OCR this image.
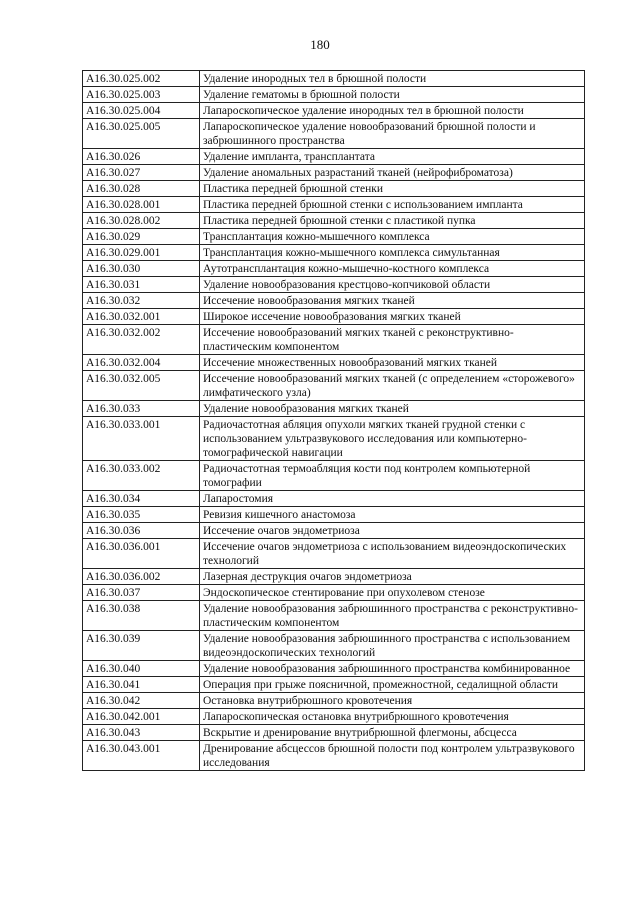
180
A16.30.025.002	Удаление инородных тел в брюшной полости
A16.30.025.003	Удаление гематомы в брюшной полости
A16.30.025.004	Лапароскопическое удаление инородных тел в брюшной полости
A16.30.025.005	Лапароскопическое удаление новообразований брюшной полости и забрюшинного пространства
A16.30.026	Удаление импланта, трансплантата
A16.30.027	Удаление аномальных разрастаний тканей (нейрофиброматоза)
A16.30.028	Пластика передней брюшной стенки
A16.30.028.001	Пластика передней брюшной стенки с использованием импланта
A16.30.028.002	Пластика передней брюшной стенки с пластикой пупка
A16.30.029	Трансплантация кожно-мышечного комплекса
A16.30.029.001	Трансплантация кожно-мышечного комплекса симультанная
A16.30.030	Аутотрансплантация кожно-мышечно-костного комплекса
A16.30.031	Удаление новообразования крестцово-копчиковой области
A16.30.032	Иссечение новообразования мягких тканей
A16.30.032.001	Широкое иссечение новообразования мягких тканей
A16.30.032.002	Иссечение новообразований мягких тканей с реконструктивно-пластическим компонентом
A16.30.032.004	Иссечение множественных новообразований мягких тканей
A16.30.032.005	Иссечение новообразований мягких тканей (с определением «сторожевого» лимфатического узла)
A16.30.033	Удаление новообразования мягких тканей
A16.30.033.001	Радиочастотная абляция опухоли мягких тканей грудной стенки с использованием ультразвукового исследования или компьютерно-томографической навигации
A16.30.033.002	Радиочастотная термоабляция кости под контролем компьютерной томографии
A16.30.034	Лапаростомия
A16.30.035	Ревизия кишечного анастомоза
A16.30.036	Иссечение очагов эндометриоза
A16.30.036.001	Иссечение очагов эндометриоза с использованием видеоэндоскопических технологий
A16.30.036.002	Лазерная деструкция очагов эндометриоза
A16.30.037	Эндоскопическое стентирование при опухолевом стенозе
A16.30.038	Удаление новообразования забрюшинного пространства с реконструктивно-пластическим компонентом
A16.30.039	Удаление новообразования забрюшинного пространства с использованием видеоэндоскопических технологий
A16.30.040	Удаление новообразования забрюшинного пространства комбинированное
A16.30.041	Операция при грыже поясничной, промежностной, седалищной области
A16.30.042	Остановка внутрибрюшного кровотечения
A16.30.042.001	Лапароскопическая остановка внутрибрюшного кровотечения
A16.30.043	Вскрытие и дренирование внутрибрюшной флегмоны, абсцесса
A16.30.043.001	Дренирование абсцессов брюшной полости под контролем ультразвукового исследования
